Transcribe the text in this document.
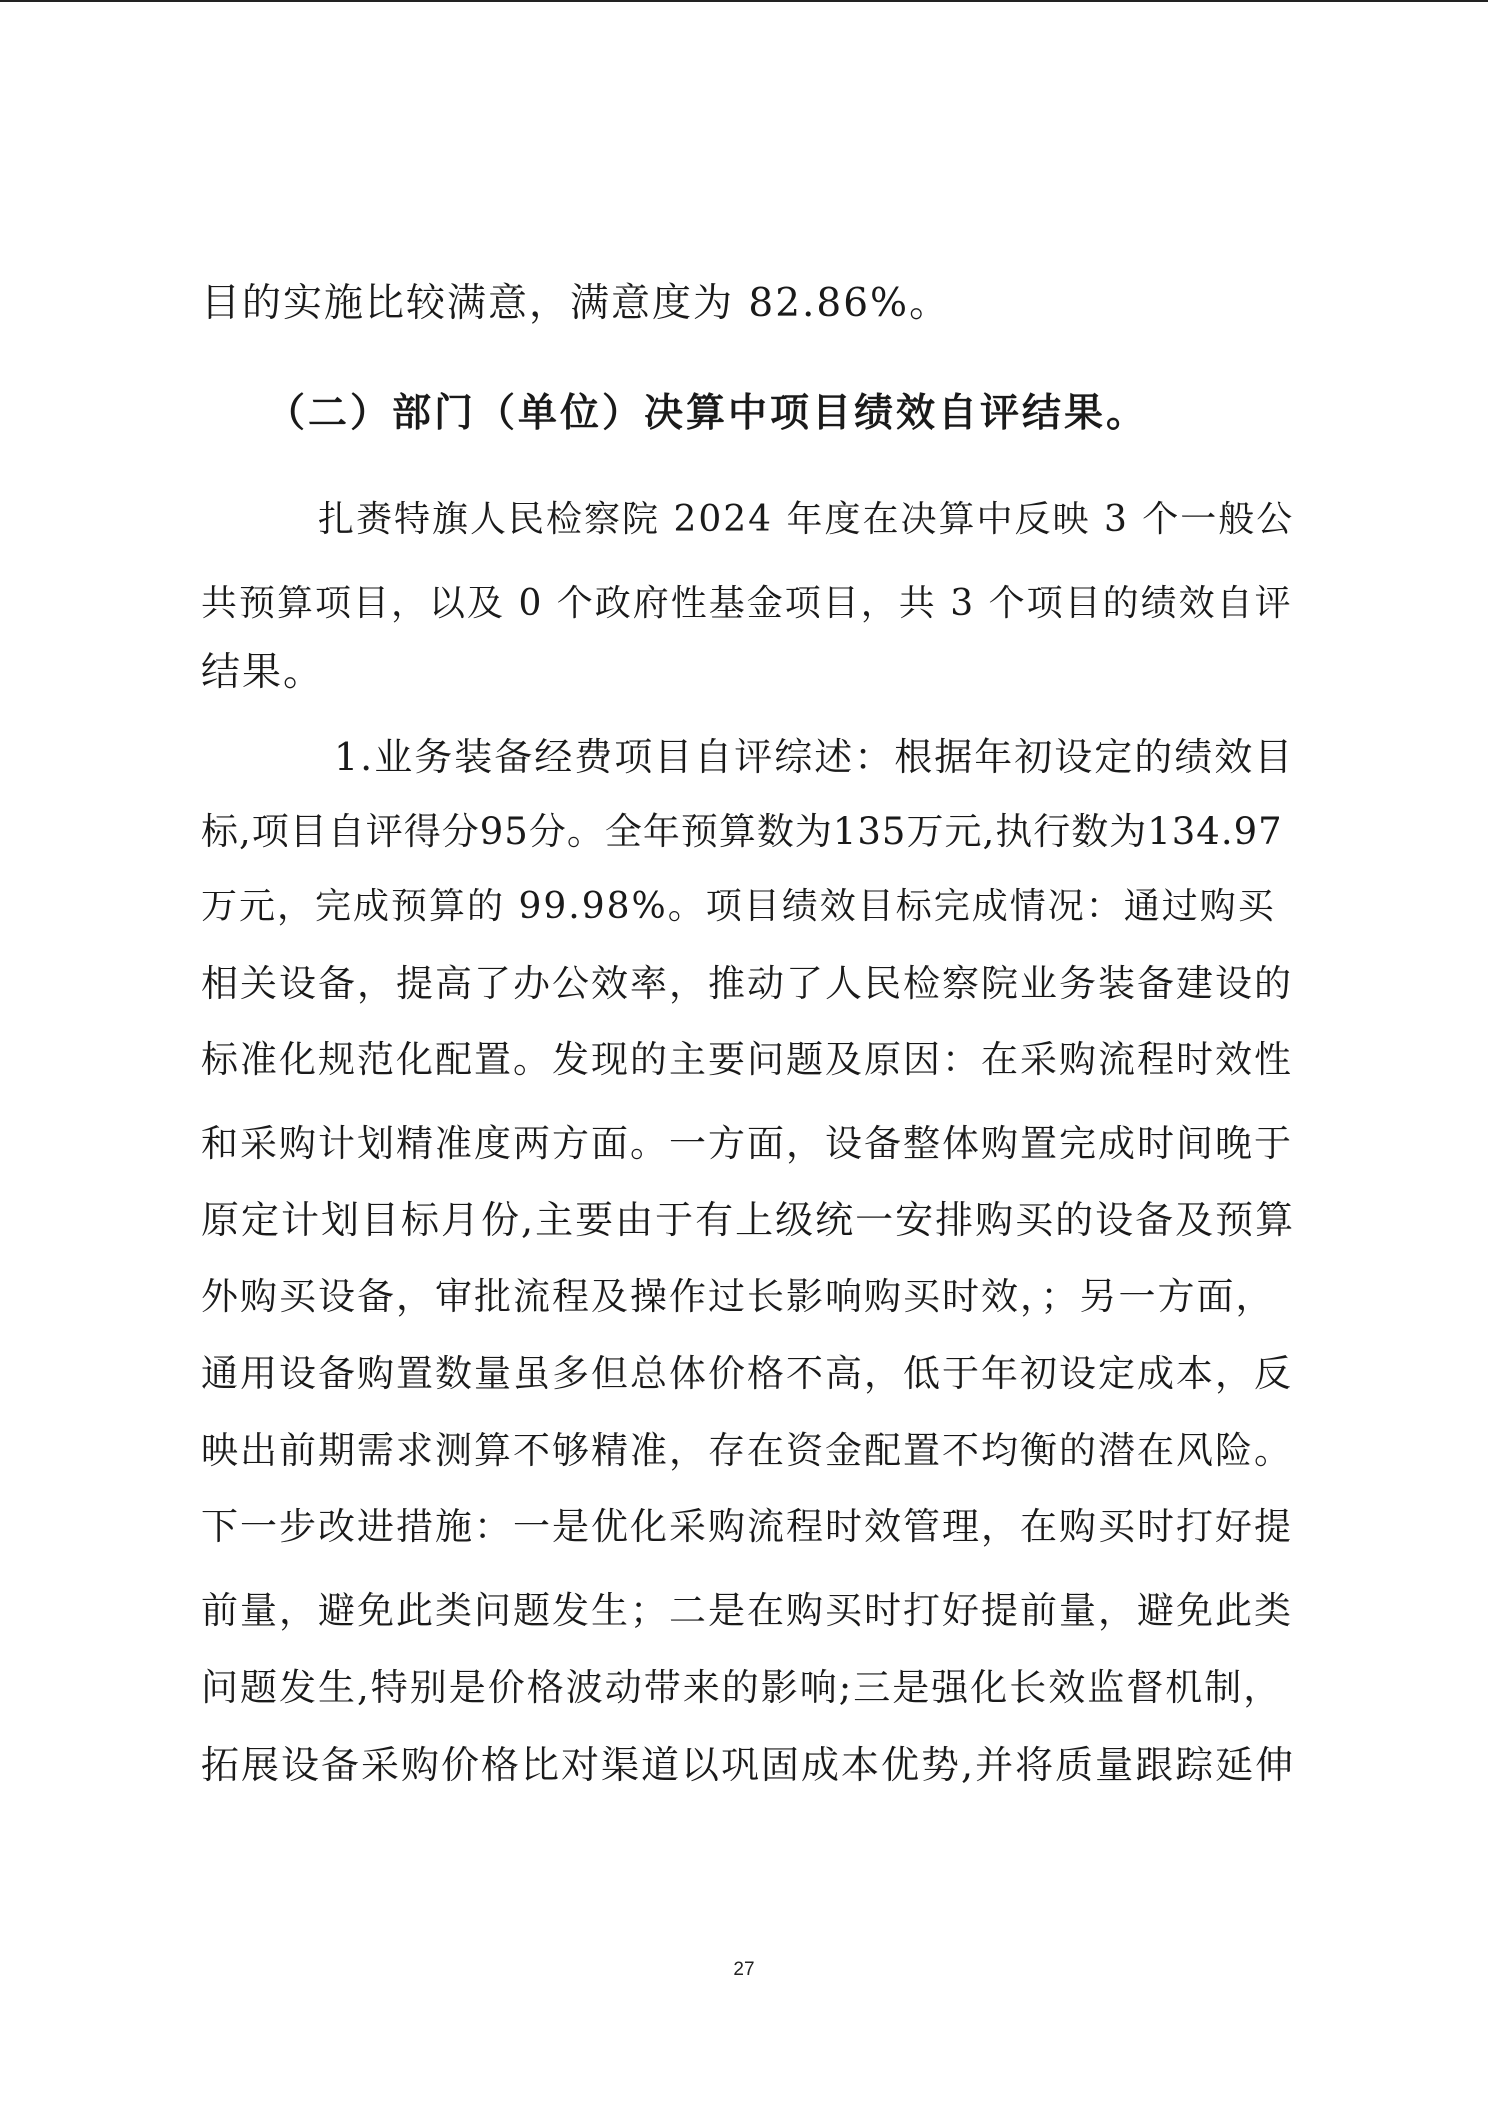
目的实施比较满意，满意度为 82.86%。
（二）部门（单位）决算中项目绩效自评结果。
扎赉特旗人民检察院 2024 年度在决算中反映 3 个一般公
共预算项目，以及 0 个政府性基金项目，共 3 个项目的绩效自评
结果。
1.业务装备经费项目自评综述：根据年初设定的绩效目
标,项目自评得分95分。全年预算数为135万元,执行数为134.97
万元，完成预算的 99.98%。项目绩效目标完成情况：通过购买
相关设备，提高了办公效率，推动了人民检察院业务装备建设的
标准化规范化配置。发现的主要问题及原因：在采购流程时效性
和采购计划精准度两方面。一方面，设备整体购置完成时间晚于
原定计划目标月份,主要由于有上级统一安排购买的设备及预算
外购买设备，审批流程及操作过长影响购买时效，；另一方面，
通用设备购置数量虽多但总体价格不高，低于年初设定成本，反
映出前期需求测算不够精准，存在资金配置不均衡的潜在风险。
下一步改进措施：一是优化采购流程时效管理，在购买时打好提
前量，避免此类问题发生；二是在购买时打好提前量，避免此类
问题发生,特别是价格波动带来的影响;三是强化长效监督机制，
拓展设备采购价格比对渠道以巩固成本优势,并将质量跟踪延伸
27
